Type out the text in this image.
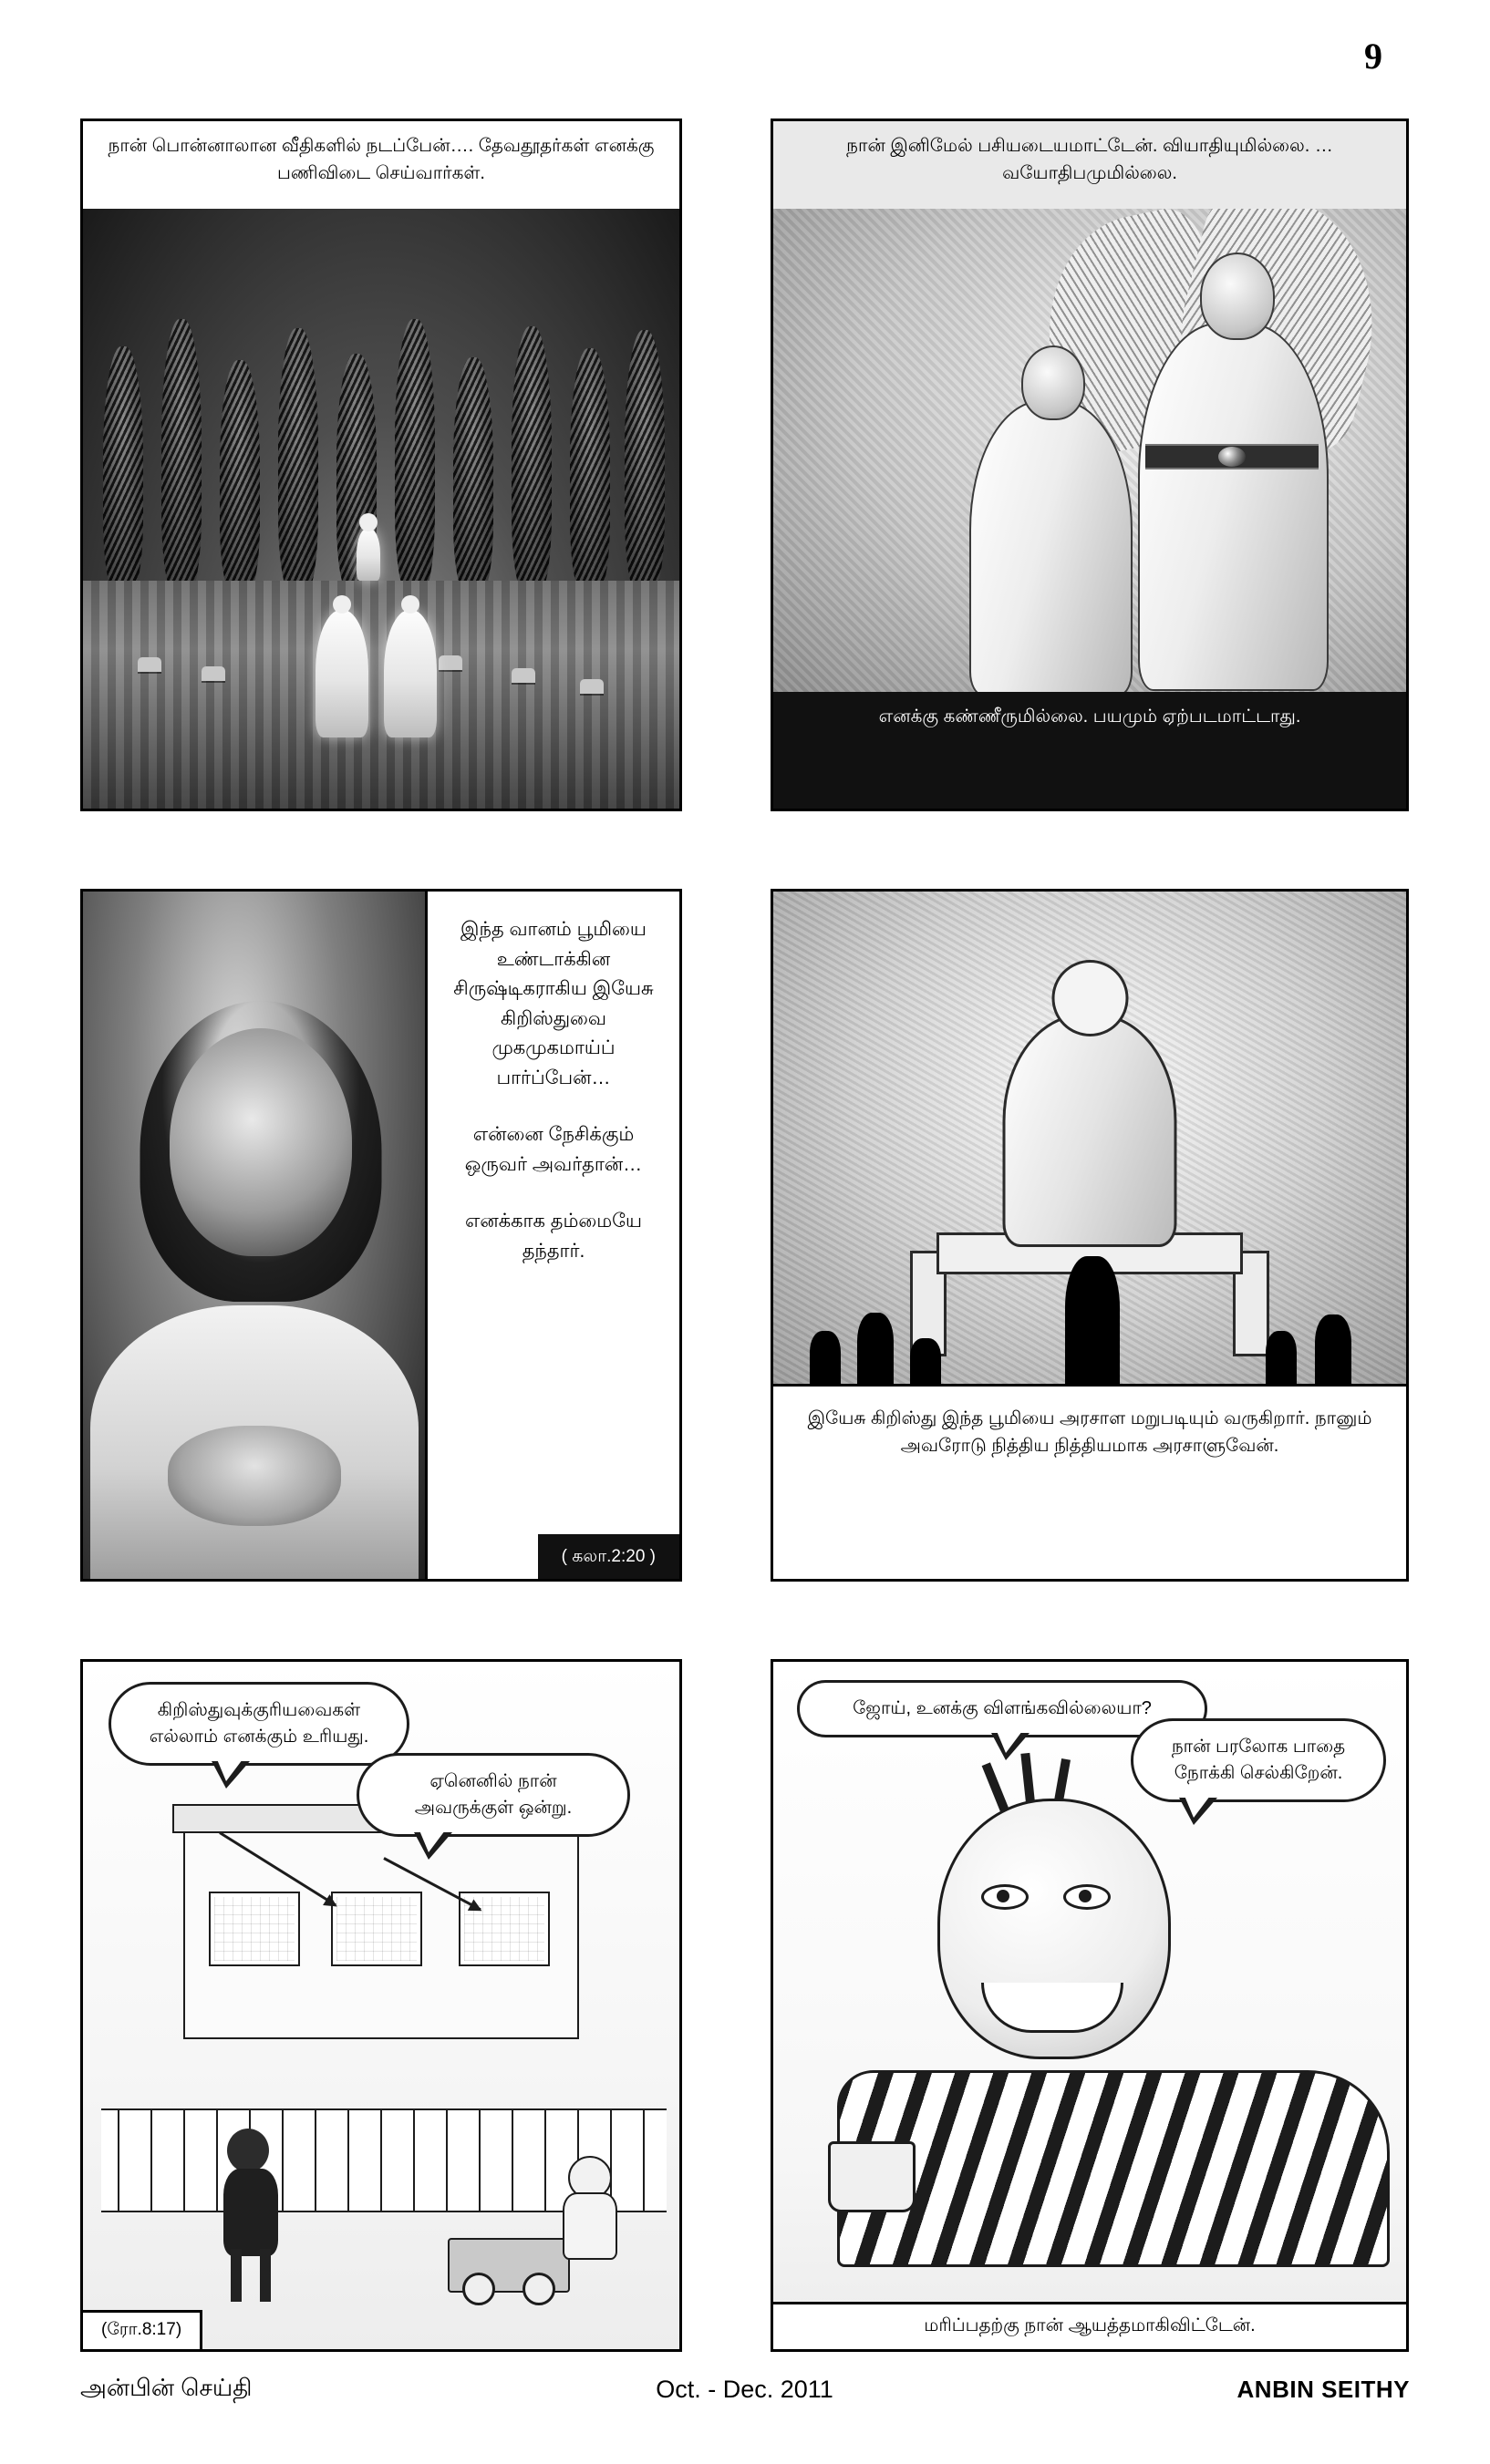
9
நான் பொன்னாலான வீதிகளில் நடப்பேன்…. தேவதூதர்கள் எனக்கு பணிவிடை செய்வார்கள்.
நான் இனிமேல் பசியடையமாட்டேன். வியாதியுமில்லை. … வயோதிபமுமில்லை.
எனக்கு கண்ணீருமில்லை. பயமும் ஏற்படமாட்டாது.
இந்த வானம் பூமியை உண்டாக்கின சிருஷ்டிகராகிய இயேசு கிறிஸ்துவை முகமுகமாய்ப் பார்ப்பேன்…
என்னை நேசிக்கும் ஒருவர் அவர்தான்…
எனக்காக தம்மையே தந்தார்.
( கலா.2:20 )
இயேசு கிறிஸ்து இந்த பூமியை அரசாள மறுபடியும் வருகிறார். நானும் அவரோடு நித்திய நித்தியமாக அரசாளுவேன்.
கிறிஸ்துவுக்குரியவைகள் எல்லாம் எனக்கும் உரியது.
ஏனெனில் நான் அவருக்குள் ஒன்று.
(ரோ.8:17)
ஜோய், உனக்கு விளங்கவில்லையா?
நான் பரலோக பாதை நோக்கி செல்கிறேன்.
மரிப்பதற்கு நான் ஆயத்தமாகிவிட்டேன்.
அன்பின் செய்தி	Oct. - Dec. 2011	ANBIN SEITHY
